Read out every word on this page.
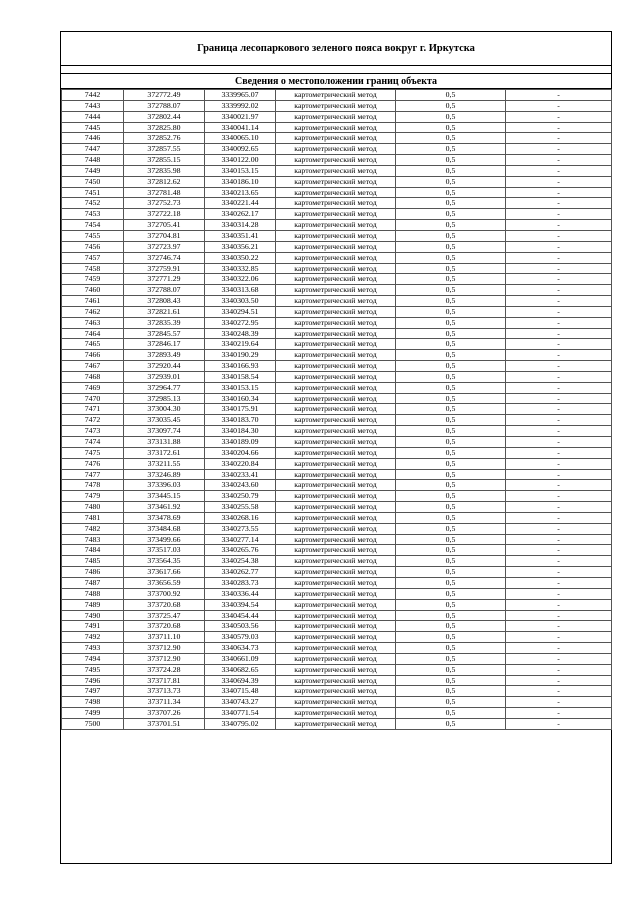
Граница лесопаркового зеленого пояса вокруг г. Иркутска
Сведения о местоположении границ объекта
7442	372772.49	3339965.07	картометрический метод	0,5	-
7443	372788.07	3339992.02	картометрический метод	0,5	-
7444	372802.44	3340021.97	картометрический метод	0,5	-
7445	372825.80	3340041.14	картометрический метод	0,5	-
7446	372852.76	3340065.10	картометрический метод	0,5	-
7447	372857.55	3340092.65	картометрический метод	0,5	-
7448	372855.15	3340122.00	картометрический метод	0,5	-
7449	372835.98	3340153.15	картометрический метод	0,5	-
7450	372812.62	3340186.10	картометрический метод	0,5	-
7451	372781.48	3340213.65	картометрический метод	0,5	-
7452	372752.73	3340221.44	картометрический метод	0,5	-
7453	372722.18	3340262.17	картометрический метод	0,5	-
7454	372705.41	3340314.28	картометрический метод	0,5	-
7455	372704.81	3340351.41	картометрический метод	0,5	-
7456	372723.97	3340356.21	картометрический метод	0,5	-
7457	372746.74	3340350.22	картометрический метод	0,5	-
7458	372759.91	3340332.85	картометрический метод	0,5	-
7459	372771.29	3340322.06	картометрический метод	0,5	-
7460	372788.07	3340313.68	картометрический метод	0,5	-
7461	372808.43	3340303.50	картометрический метод	0,5	-
7462	372821.61	3340294.51	картометрический метод	0,5	-
7463	372835.39	3340272.95	картометрический метод	0,5	-
7464	372845.57	3340248.39	картометрический метод	0,5	-
7465	372846.17	3340219.64	картометрический метод	0,5	-
7466	372893.49	3340190.29	картометрический метод	0,5	-
7467	372920.44	3340166.93	картометрический метод	0,5	-
7468	372939.01	3340158.54	картометрический метод	0,5	-
7469	372964.77	3340153.15	картометрический метод	0,5	-
7470	372985.13	3340160.34	картометрический метод	0,5	-
7471	373004.30	3340175.91	картометрический метод	0,5	-
7472	373035.45	3340183.70	картометрический метод	0,5	-
7473	373097.74	3340184.30	картометрический метод	0,5	-
7474	373131.88	3340189.09	картометрический метод	0,5	-
7475	373172.61	3340204.66	картометрический метод	0,5	-
7476	373211.55	3340220.84	картометрический метод	0,5	-
7477	373246.89	3340233.41	картометрический метод	0,5	-
7478	373396.03	3340243.60	картометрический метод	0,5	-
7479	373445.15	3340250.79	картометрический метод	0,5	-
7480	373461.92	3340255.58	картометрический метод	0,5	-
7481	373478.69	3340268.16	картометрический метод	0,5	-
7482	373484.68	3340273.55	картометрический метод	0,5	-
7483	373499.66	3340277.14	картометрический метод	0,5	-
7484	373517.03	3340265.76	картометрический метод	0,5	-
7485	373564.35	3340254.38	картометрический метод	0,5	-
7486	373617.66	3340262.77	картометрический метод	0,5	-
7487	373656.59	3340283.73	картометрический метод	0,5	-
7488	373700.92	3340336.44	картометрический метод	0,5	-
7489	373720.68	3340394.54	картометрический метод	0,5	-
7490	373725.47	3340454.44	картометрический метод	0,5	-
7491	373720.68	3340503.56	картометрический метод	0,5	-
7492	373711.10	3340579.03	картометрический метод	0,5	-
7493	373712.90	3340634.73	картометрический метод	0,5	-
7494	373712.90	3340661.09	картометрический метод	0,5	-
7495	373724.28	3340682.65	картометрический метод	0,5	-
7496	373717.81	3340694.39	картометрический метод	0,5	-
7497	373713.73	3340715.48	картометрический метод	0,5	-
7498	373711.34	3340743.27	картометрический метод	0,5	-
7499	373707.26	3340771.54	картометрический метод	0,5	-
7500	373701.51	3340795.02	картометрический метод	0,5	-
